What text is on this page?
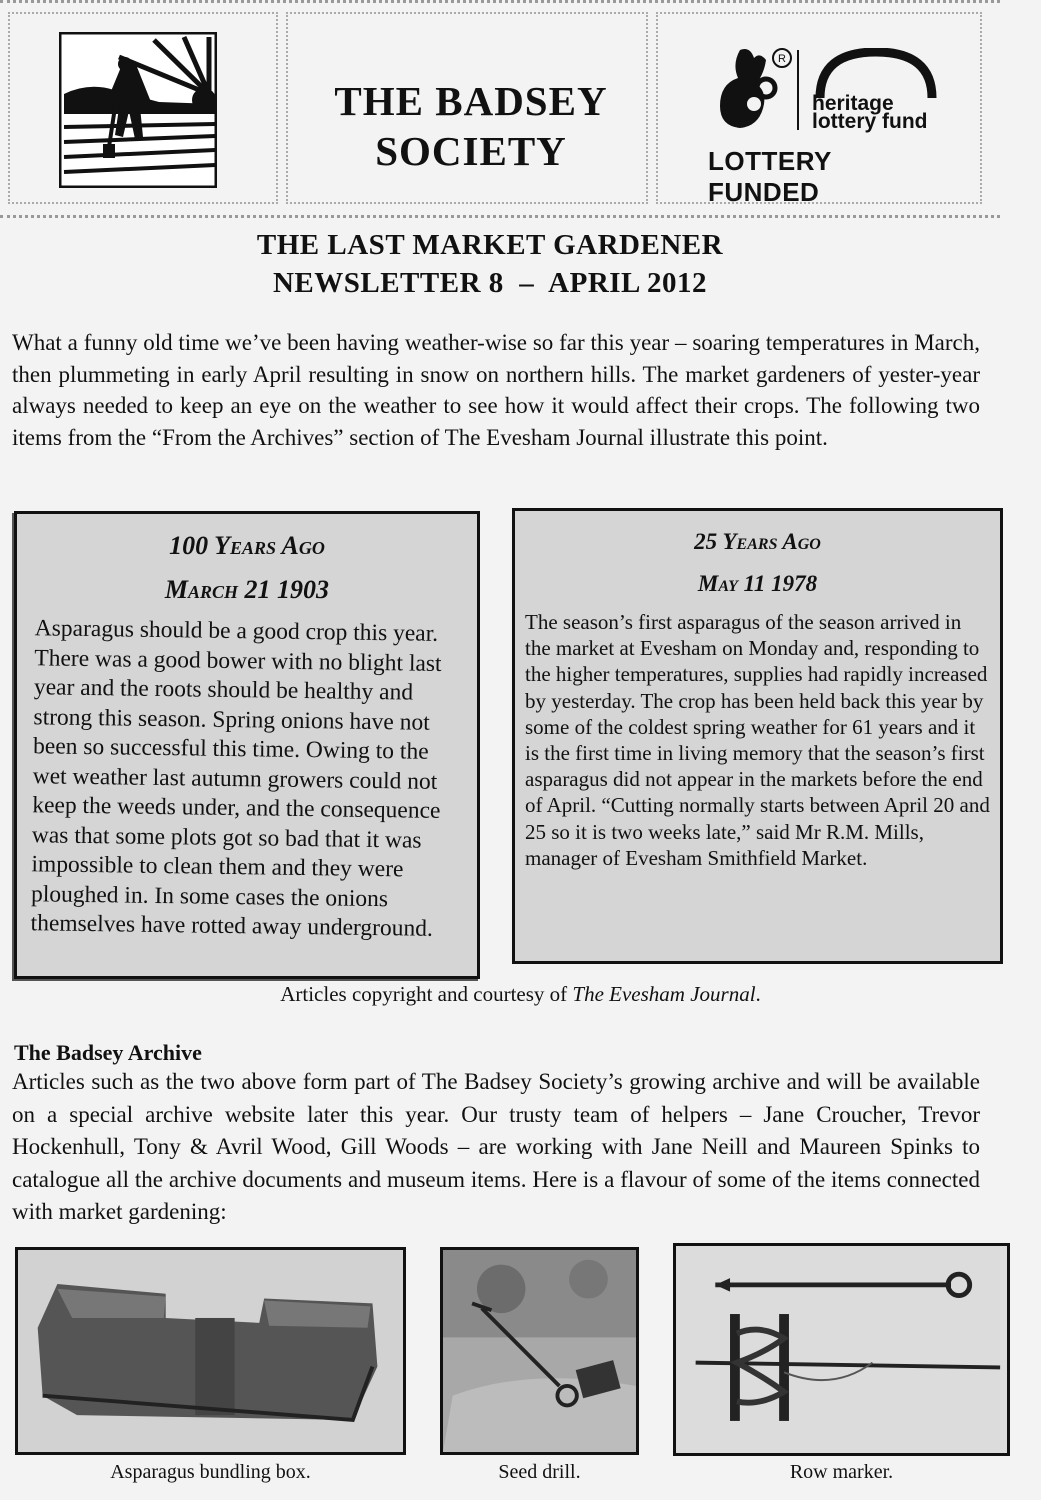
THE BADSEY
SOCIETY
R
heritage
lottery fund
LOTTERY FUNDED
THE LAST MARKET GARDENER
NEWSLETTER 8  –  APRIL 2012
What a funny old time we’ve been having weather-wise so far this year – soaring temperatures in March, then plummeting in early April resulting in snow on northern hills. The market gardeners of yester-year always needed to keep an eye on the weather to see how it would affect their crops. The following two items from the “From the Archives” section of The Evesham Journal illustrate this point.
100 Years Ago
March 21 1903
Asparagus should be a good crop this year. There was a good bower with no blight last year and the roots should be healthy and strong this season. Spring onions have not been so successful this time. Owing to the wet weather last autumn growers could not keep the weeds under, and the consequence was that some plots got so bad that it was impossible to clean them and they were ploughed in. In some cases the onions themselves have rotted away underground.
25 Years Ago
May 11 1978
The season’s first asparagus of the season arrived in the market at Evesham on Monday and, responding to the higher temperatures, supplies had rapidly increased by yesterday. The crop has been held back this year by some of the coldest spring weather for 61 years and it is the first time in living memory that the season’s first asparagus did not appear in the markets before the end of April. “Cutting normally starts between April 20 and 25 so it is two weeks late,” said Mr R.M. Mills, manager of Evesham Smithfield Market.
Articles copyright and courtesy of The Evesham Journal.
The Badsey Archive
Articles such as the two above form part of The Badsey Society’s growing archive and will be available on a special archive website later this year. Our trusty team of helpers – Jane Croucher, Trevor Hockenhull, Tony & Avril Wood, Gill Woods – are working with Jane Neill and Maureen Spinks to catalogue all the archive documents and museum items. Here is a flavour of some of the items connected with market gardening:
Asparagus bundling box.	Seed drill.	Row marker.
